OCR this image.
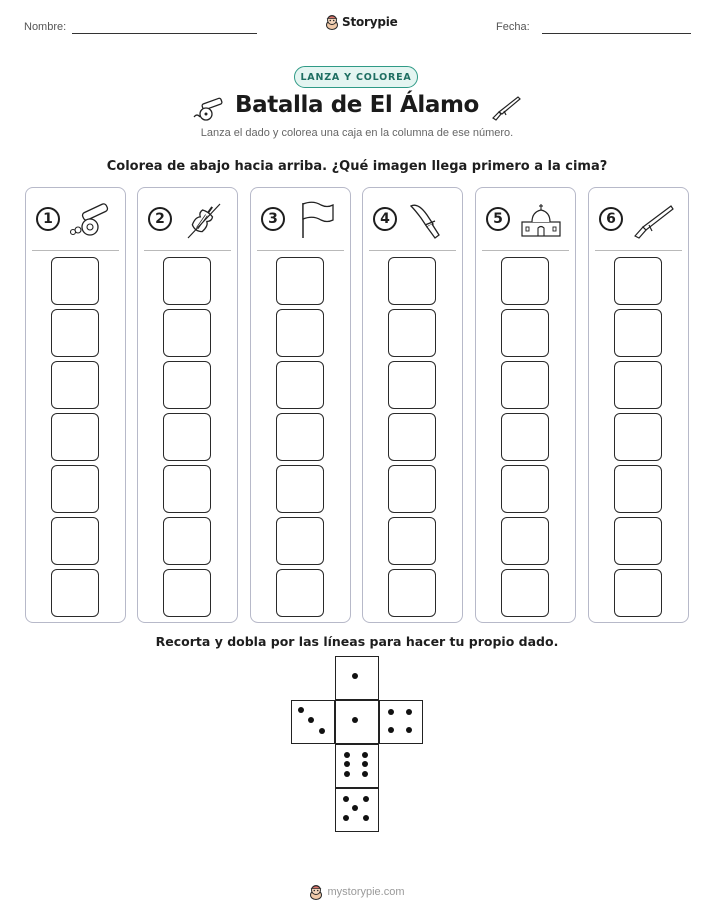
Nombre:	Storypie	Fecha:
LANZA Y COLOREA
Batalla de El Álamo
Lanza el dado y colorea una caja en la columna de ese número.
Colorea de abajo hacia arriba. ¿Qué imagen llega primero a la cima?
1	2	3	4	5	6
Recorta y dobla por las líneas para hacer tu propio dado.
mystorypie.com
